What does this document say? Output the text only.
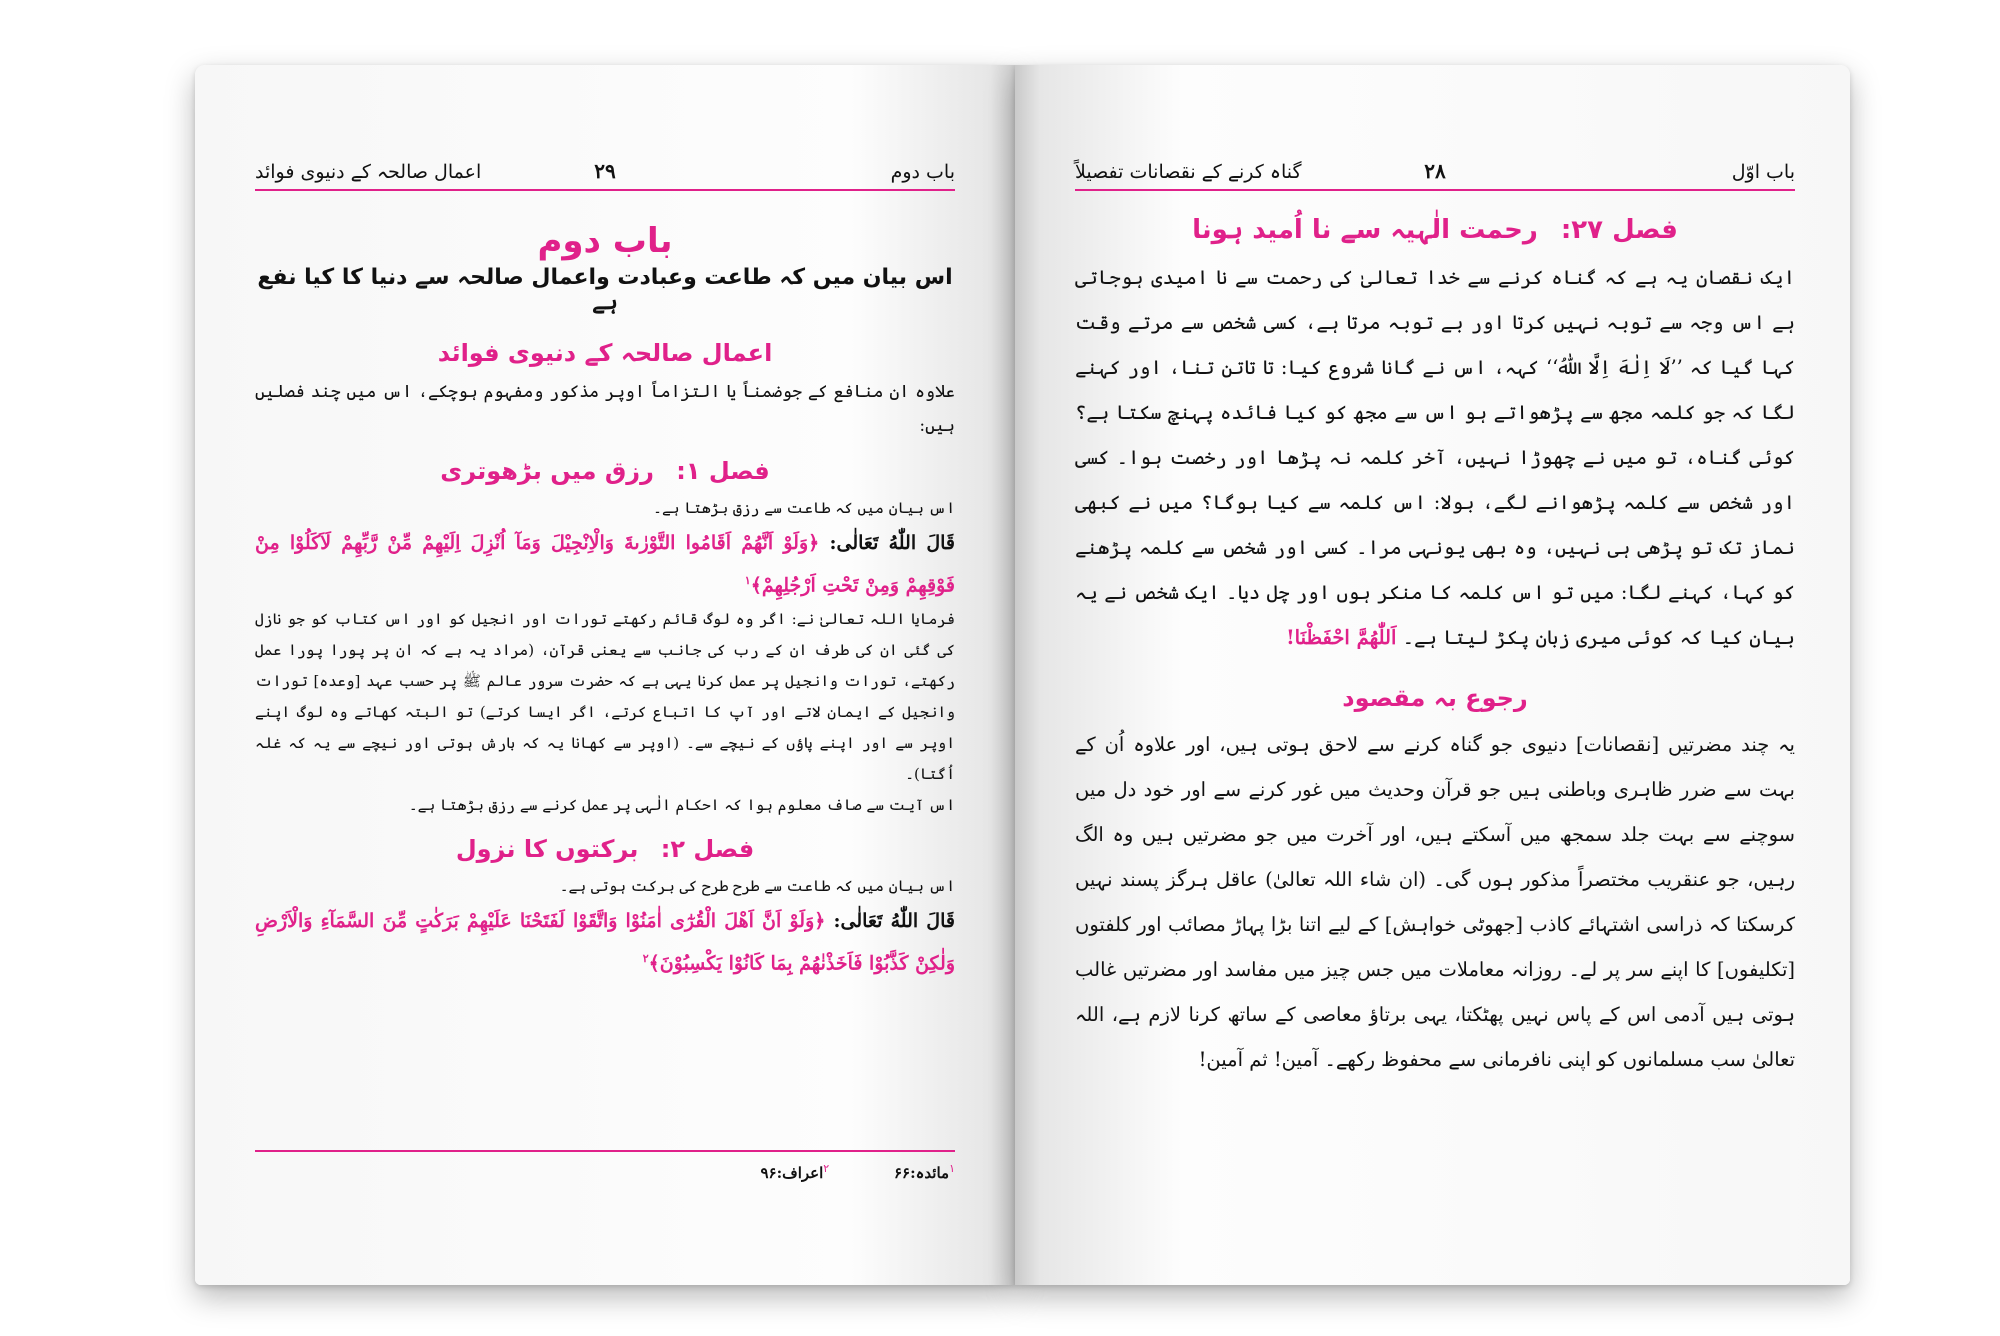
باب دوم
۲۹
اعمال صالحہ کے دنیوی فوائد
باب دوم
اس بیان میں کہ طاعت وعبادت واعمال صالحہ سے دنیا کا کیا نفع ہے
اعمال صالحہ کے دنیوی فوائد

علاوہ ان منافع کے جوضمناً یا التزاماً اوپر مذکور ومفہوم ہوچکے، اس میں چند فصلیں ہیں:

فصل ۱: رزق میں بڑھوتری

اس بیان میں کہ طاعت سے رزق بڑھتا ہے۔

قَالَ اللّٰهُ تَعَالٰی: ﴿وَلَوْ اَنَّهُمْ اَقَامُوا التَّوْرٰىةَ وَالْاِنْجِيْلَ وَمَآ اُنْزِلَ اِلَيْهِمْ مِّنْ رَّبِّهِمْ لَاَكَلُوْا مِنْ فَوْقِهِمْ وَمِنْ تَحْتِ اَرْجُلِهِمْ﴾$^۱$

فرمایا اللہ تعالیٰ نے: اگر وہ لوگ قائم رکھتے تورات اور انجیل کو اور اس کتاب کو جو نازل کی گئی ان کی طرف ان کے رب کی جانب سے یعنی قرآن، (مراد یہ ہے کہ ان پر پورا پورا عمل رکھتے، تورات وانجیل پر عمل کرنا یہی ہے کہ حضرت سرور عالم ﷺ پر حسب عہد [وعدہ] تورات وانجیل کے ایمان لاتے اور آپ کا اتباع کرتے، اگر ایسا کرتے) تو البتہ کھاتے وہ لوگ اپنے اوپر سے اور اپنے پاؤں کے نیچے سے۔ (اوپر سے کھانا یہ کہ بارش ہوتی اور نیچے سے یہ کہ غلہ اُگتا)۔

اس آیت سے صاف معلوم ہوا کہ احکام الٰہی پر عمل کرنے سے رزق بڑھتا ہے۔

فصل ۲: برکتوں کا نزول

اس بیان میں کہ طاعت سے طرح طرح کی برکت ہوتی ہے۔

قَالَ اللّٰهُ تَعَالٰی: ﴿وَلَوْ اَنَّ اَهْلَ الْقُرٰٓى اٰمَنُوْا وَاتَّقَوْا لَفَتَحْنَا عَلَيْهِمْ بَرَكٰتٍ مِّنَ السَّمَآءِ وَالْاَرْضِ وَلٰكِنْ كَذَّبُوْا فَاَخَذْنٰهُمْ بِمَا كَانُوْا يَكْسِبُوْنَ﴾$^۲$

$^۱$مائدہ:۶۶ $^۲$اعراف:۹۶
باب اوّل
۲۸
گناہ کرنے کے نقصانات تفصیلاً
فصل ۲۷: رحمت الٰہیہ سے نا اُمید ہونا

ایک نقصان یہ ہے کہ گناہ کرنے سے خدا تعالیٰ کی رحمت سے نا امیدی ہوجاتی ہے اس وجہ سے توبہ نہیں کرتا اور بے توبہ مرتا ہے، کسی شخص سے مرتے وقت کہا گیا کہ ’’لَا اِلٰهَ اِلَّا اللّٰهُ‘‘ کہہ، اس نے گانا شروع کیا: تا تاتن تنا، اور کہنے لگا کہ جو کلمہ مجھ سے پڑھواتے ہو اس سے مجھ کو کیا فائدہ پہنچ سکتا ہے؟ کوئی گناہ، تو میں نے چھوڑا نہیں، آخر کلمہ نہ پڑھا اور رخصت ہوا۔ کسی اور شخص سے کلمہ پڑھوانے لگے، بولا: اس کلمہ سے کیا ہوگا؟ میں نے کبھی نماز تک تو پڑھی ہی نہیں، وہ بھی یونہی مرا۔ کسی اور شخص سے کلمہ پڑھنے کو کہا، کہنے لگا: میں تو اس کلمہ کا منکر ہوں اور چل دیا۔ ایک شخص نے یہ بیان کیا کہ کوئی میری زبان پکڑ لیتا ہے۔ اَللّٰهُمَّ احْفَظْنَا!

رجوع بہ مقصود

یہ چند مضرتیں [نقصانات] دنیوی جو گناہ کرنے سے لاحق ہوتی ہیں، اور علاوہ اُن کے بہت سے ضرر ظاہری وباطنی ہیں جو قرآن وحدیث میں غور کرنے سے اور خود دل میں سوچنے سے بہت جلد سمجھ میں آسکتے ہیں، اور آخرت میں جو مضرتیں ہیں وہ الگ رہیں، جو عنقریب مختصراً مذکور ہوں گی۔ (ان شاء اللہ تعالیٰ) عاقل ہرگز پسند نہیں کرسکتا کہ ذراسی اشتہائے کاذب [جھوٹی خواہش] کے لیے اتنا بڑا پہاڑ مصائب اور کلفتوں [تکلیفوں] کا اپنے سر پر لے۔ روزانہ معاملات میں جس چیز میں مفاسد اور مضرتیں غالب ہوتی ہیں آدمی اس کے پاس نہیں پھٹکتا، یہی برتاؤ معاصی کے ساتھ کرنا لازم ہے، اللہ تعالیٰ سب مسلمانوں کو اپنی نافرمانی سے محفوظ رکھے۔ آمین! ثم آمین!
